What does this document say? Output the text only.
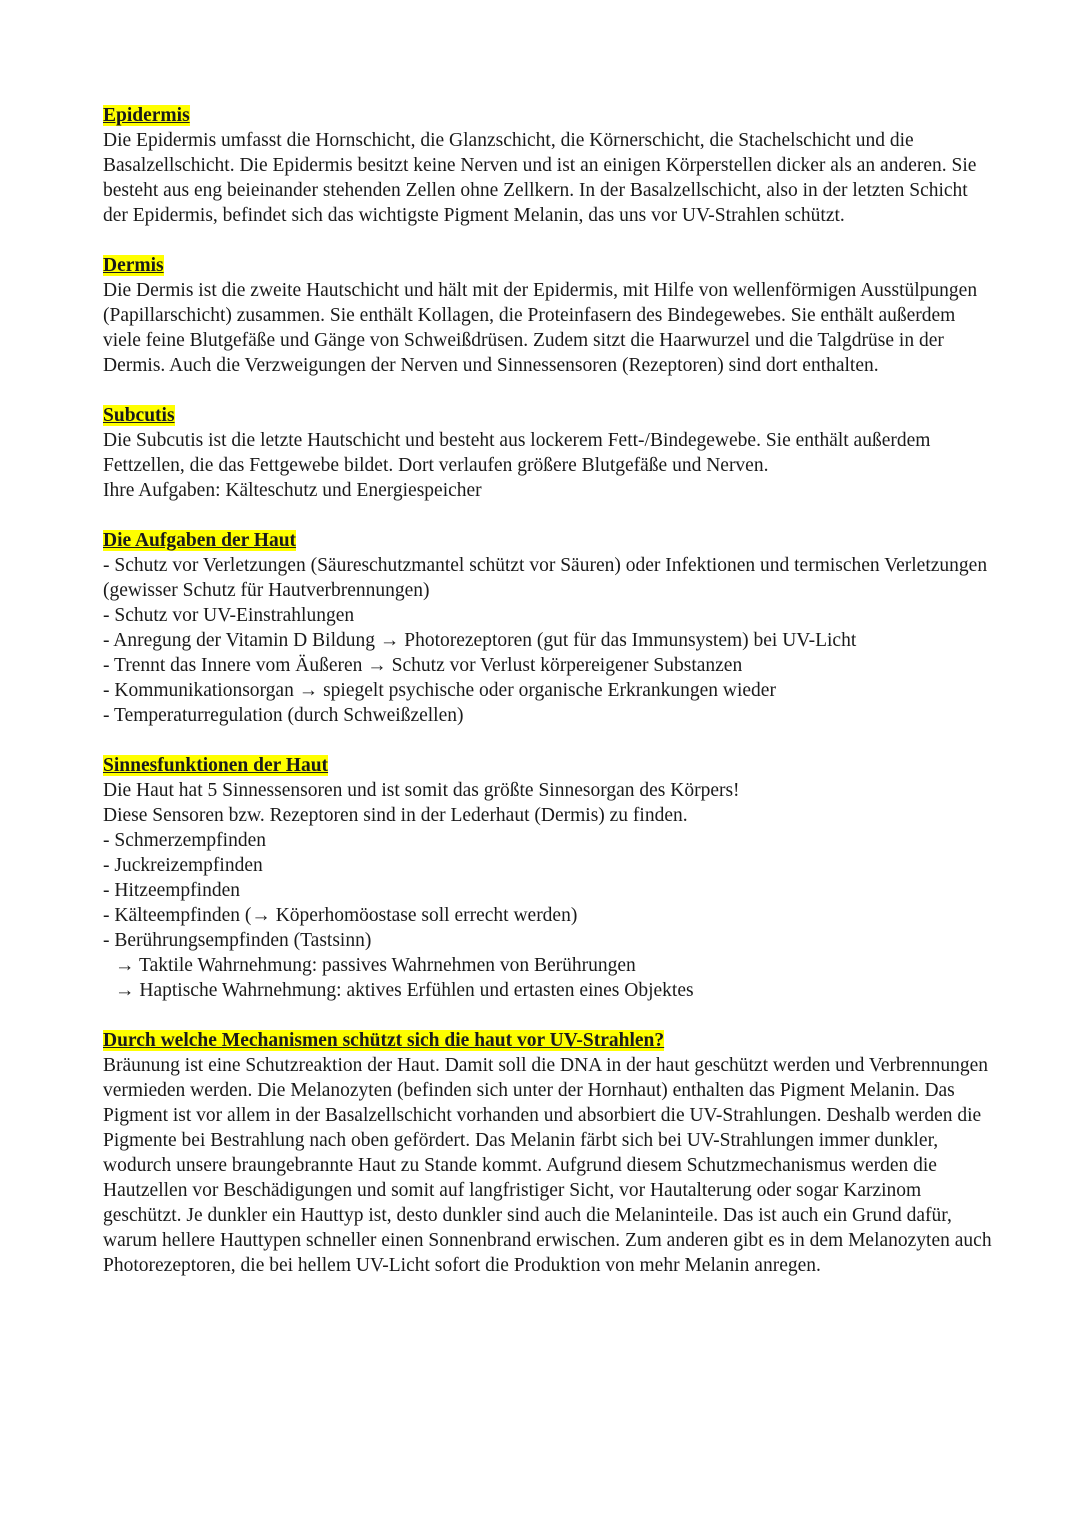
Epidermis

Die Epidermis umfasst die Hornschicht, die Glanzschicht, die Körnerschicht, die Stachelschicht und die Basalzellschicht. Die Epidermis besitzt keine Nerven und ist an einigen Körperstellen dicker als an anderen. Sie besteht aus eng beieinander stehenden Zellen ohne Zellkern. In der Basalzellschicht, also in der letzten Schicht der Epidermis, befindet sich das wichtigste Pigment Melanin, das uns vor UV-Strahlen schützt.

Dermis

Die Dermis ist die zweite Hautschicht und hält mit der Epidermis, mit Hilfe von wellenförmigen Ausstülpungen (Papillarschicht) zusammen. Sie enthält Kollagen, die Proteinfasern des Bindegewebes. Sie enthält außerdem viele feine Blutgefäße und Gänge von Schweißdrüsen. Zudem sitzt die Haarwurzel und die Talgdrüse in der Dermis. Auch die Verzweigungen der Nerven und Sinnessensoren (Rezeptoren) sind dort enthalten.

Subcutis

Die Subcutis ist die letzte Hautschicht und besteht aus lockerem Fett-/Bindegewebe. Sie enthält außerdem Fettzellen, die das Fettgewebe bildet. Dort verlaufen größere Blutgefäße und Nerven.

Ihre Aufgaben: Kälteschutz und Energiespeicher

Die Aufgaben der Haut

- Schutz vor Verletzungen (Säureschutzmantel schützt vor Säuren) oder Infektionen und termischen Verletzungen (gewisser Schutz für Hautverbrennungen)
- Schutz vor UV-Einstrahlungen
- Anregung der Vitamin D Bildung → Photorezeptoren (gut für das Immunsystem) bei UV-Licht
- Trennt das Innere vom Äußeren → Schutz vor Verlust körpereigener Substanzen
- Kommunikationsorgan → spiegelt psychische oder organische Erkrankungen wieder
- Temperaturregulation (durch Schweißzellen)

Sinnesfunktionen der Haut

Die Haut hat 5 Sinnessensoren und ist somit das größte Sinnesorgan des Körpers!

Diese Sensoren bzw. Rezeptoren sind in der Lederhaut (Dermis) zu finden.

- Schmerzempfinden
- Juckreizempfinden
- Hitzeempfinden
- Kälteempfinden (→ Köperhomöostase soll errecht werden)
- Berührungsempfinden (Tastsinn)
→ Taktile Wahrnehmung: passives Wahrnehmen von Berührungen
→ Haptische Wahrnehmung: aktives Erfühlen und ertasten eines Objektes

Durch welche Mechanismen schützt sich die haut vor UV-Strahlen?

Bräunung ist eine Schutzreaktion der Haut. Damit soll die DNA in der haut geschützt werden und Verbrennungen vermieden werden. Die Melanozyten (befinden sich unter der Hornhaut) enthalten das Pigment Melanin. Das Pigment ist vor allem in der Basalzellschicht vorhanden und absorbiert die UV-Strahlungen. Deshalb werden die Pigmente bei Bestrahlung nach oben gefördert. Das Melanin färbt sich bei UV-Strahlungen immer dunkler, wodurch unsere braungebrannte Haut zu Stande kommt. Aufgrund diesem Schutzmechanismus werden die Hautzellen vor Beschädigungen und somit auf langfristiger Sicht, vor Hautalterung oder sogar Karzinom geschützt. Je dunkler ein Hauttyp ist, desto dunkler sind auch die Melaninteile. Das ist auch ein Grund dafür, warum hellere Hauttypen schneller einen Sonnenbrand erwischen. Zum anderen gibt es in dem Melanozyten auch Photorezeptoren, die bei hellem UV-Licht sofort die Produktion von mehr Melanin anregen.
